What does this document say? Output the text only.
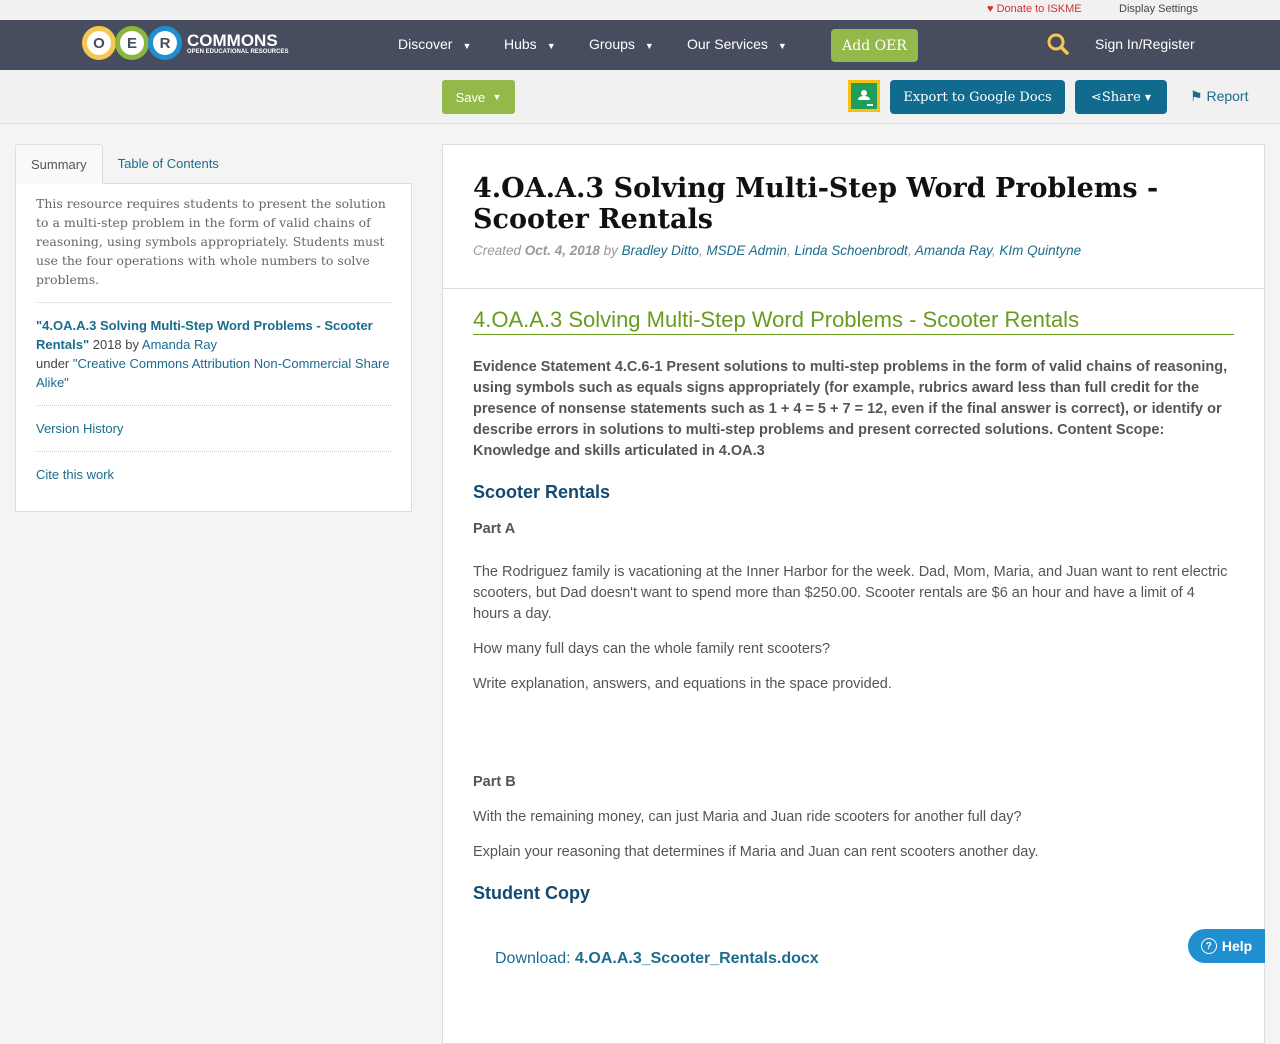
♥ Donate to ISKME	Display Settings
O	E	R COMMONS
OPEN EDUCATIONAL RESOURCES	Discover ▼ Hubs ▼ Groups ▼ Our Services ▼	Add OER	Sign In/Register
Save
▼	Export to Google Docs	⋖ Share
▼	⚑ Report
Summary	Table of Contents
This resource requires students to present the solution to a multi-step problem in the form of valid chains of reasoning, using symbols appropriately. Students must use the four operations with whole numbers to solve problems.
"4.OA.A.3 Solving Multi-Step Word Problems - Scooter Rentals" 2018 by Amanda Ray
under "Creative Commons Attribution Non-Commercial Share Alike"
Version History
Cite this work
4.OA.A.3 Solving Multi-Step Word Problems - Scooter Rentals
Created Oct. 4, 2018 by Bradley Ditto, MSDE Admin, Linda Schoenbrodt, Amanda Ray, KIm Quintyne
4.OA.A.3 Solving Multi-Step Word Problems - Scooter Rentals
Evidence Statement 4.C.6-1 Present solutions to multi-step problems in the form of valid chains of reasoning, using symbols such as equals signs appropriately (for example, rubrics award less than full credit for the presence of nonsense statements such as 1 + 4 = 5 + 7 = 12, even if the final answer is correct), or identify or describe errors in solutions to multi-step problems and present corrected solutions. Content Scope: Knowledge and skills articulated in 4.OA.3
Scooter Rentals
Part A
The Rodriguez family is vacationing at the Inner Harbor for the week. Dad, Mom, Maria, and Juan want to rent electric scooters, but Dad doesn't want to spend more than $250.00. Scooter rentals are $6 an hour and have a limit of 4 hours a day.
How many full days can the whole family rent scooters?
Write explanation, answers, and equations in the space provided.
Part B
With the remaining money, can just Maria and Juan ride scooters for another full day?
Explain your reasoning that determines if Maria and Juan can rent scooters another day.
Student Copy
Download: 4.OA.A.3_Scooter_Rentals.docx
? Help
